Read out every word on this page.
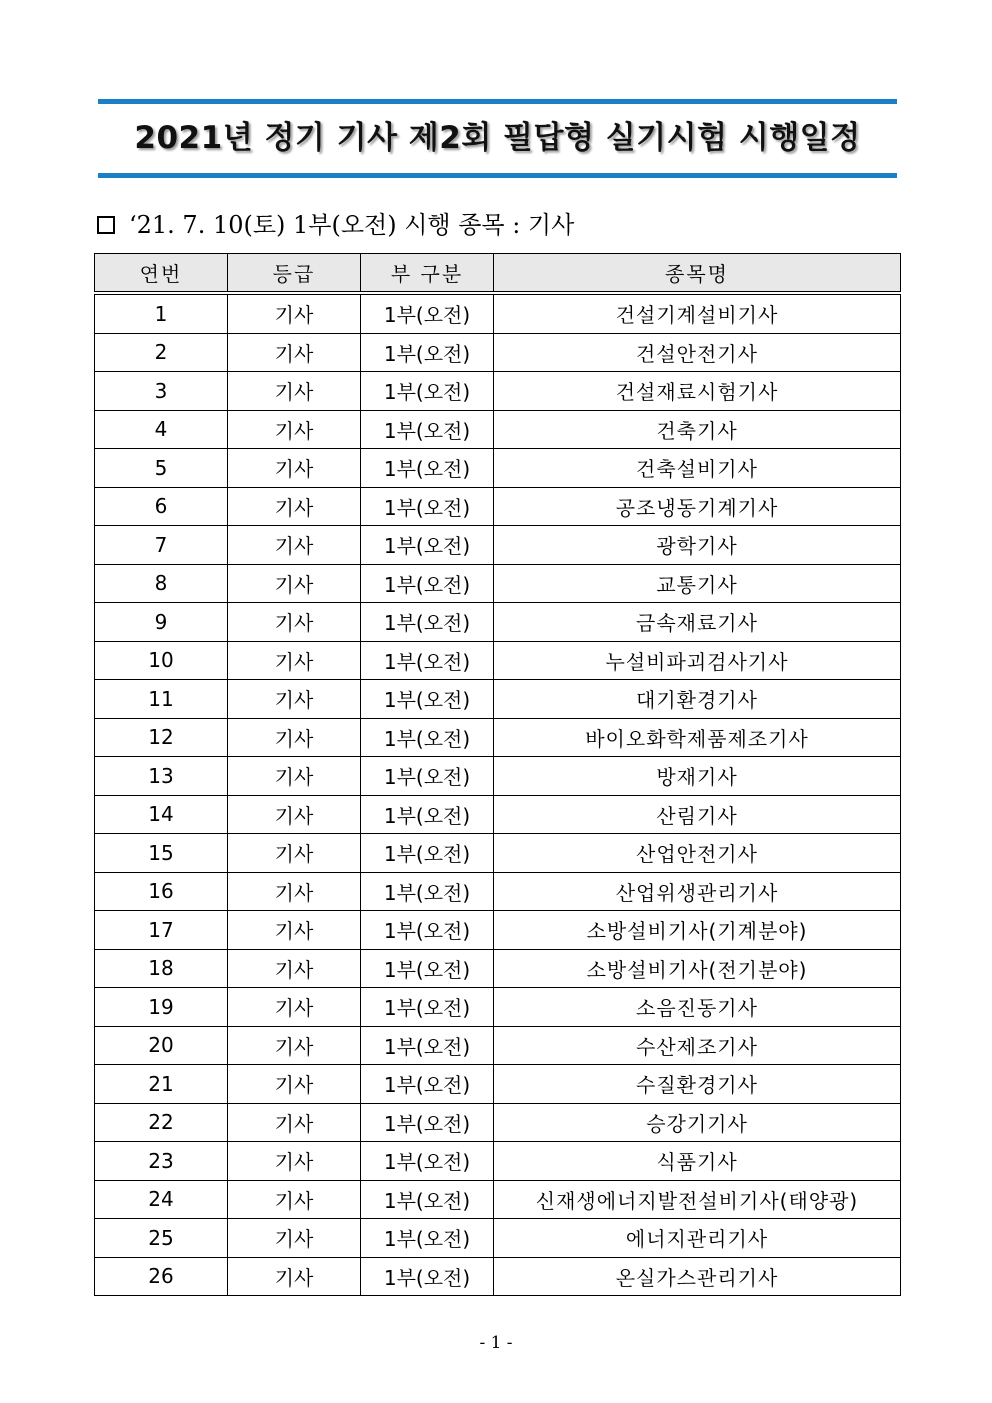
2021년 정기 기사 제2회 필답형 실기시험 시행일정
‘21. 7. 10(토) 1부(오전) 시행 종목 : 기사
연번	등급	부 구분	종목명
1	기사	1부(오전)	건설기계설비기사
2	기사	1부(오전)	건설안전기사
3	기사	1부(오전)	건설재료시험기사
4	기사	1부(오전)	건축기사
5	기사	1부(오전)	건축설비기사
6	기사	1부(오전)	공조냉동기계기사
7	기사	1부(오전)	광학기사
8	기사	1부(오전)	교통기사
9	기사	1부(오전)	금속재료기사
10	기사	1부(오전)	누설비파괴검사기사
11	기사	1부(오전)	대기환경기사
12	기사	1부(오전)	바이오화학제품제조기사
13	기사	1부(오전)	방재기사
14	기사	1부(오전)	산림기사
15	기사	1부(오전)	산업안전기사
16	기사	1부(오전)	산업위생관리기사
17	기사	1부(오전)	소방설비기사(기계분야)
18	기사	1부(오전)	소방설비기사(전기분야)
19	기사	1부(오전)	소음진동기사
20	기사	1부(오전)	수산제조기사
21	기사	1부(오전)	수질환경기사
22	기사	1부(오전)	승강기기사
23	기사	1부(오전)	식품기사
24	기사	1부(오전)	신재생에너지발전설비기사(태양광)
25	기사	1부(오전)	에너지관리기사
26	기사	1부(오전)	온실가스관리기사
- 1 -
